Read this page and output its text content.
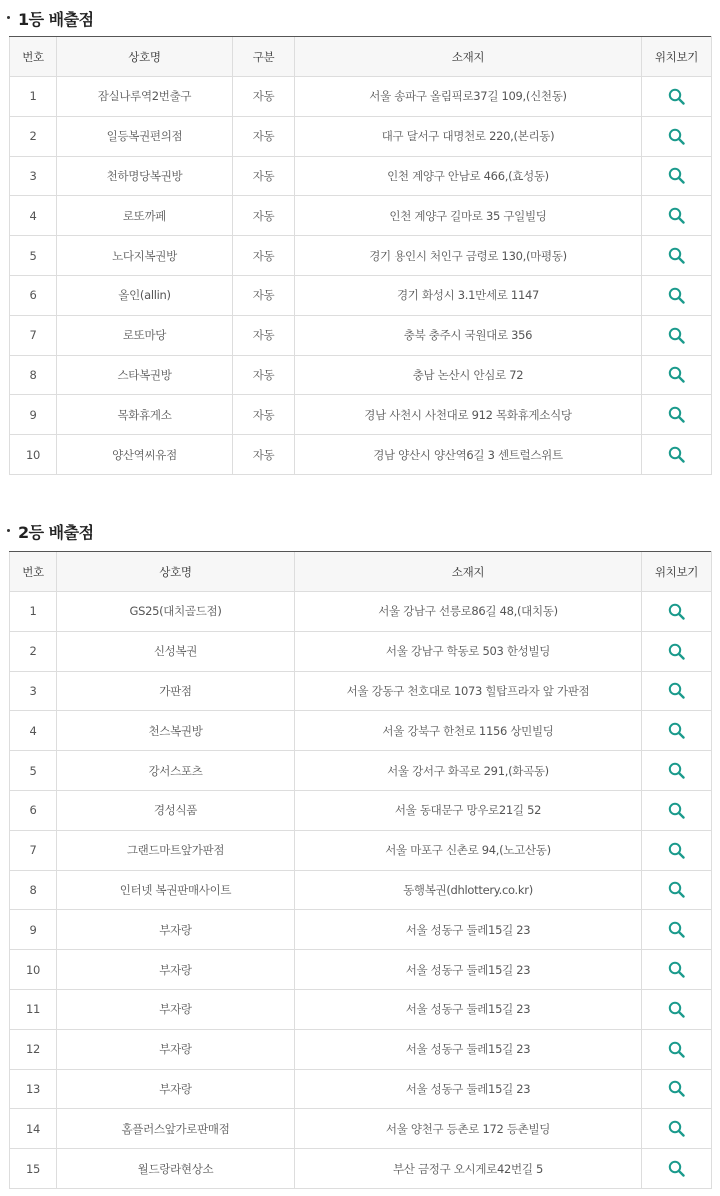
1등 배출점
번호	상호명	구분	소재지	위치보기
1	잠실나루역2번출구	자동	서울 송파구 올림픽로37길 109,(신천동)	

2	일등복권편의점	자동	대구 달서구 대명천로 220,(본리동)	

3	천하명당복권방	자동	인천 계양구 안남로 466,(효성동)	

4	로또까페	자동	인천 계양구 길마로 35 구일빌딩	

5	노다지복권방	자동	경기 용인시 처인구 금령로 130,(마평동)	

6	올인(allin)	자동	경기 화성시 3.1만세로 1147	

7	로또마당	자동	충북 충주시 국원대로 356	

8	스타복권방	자동	충남 논산시 안심로 72	

9	목화휴게소	자동	경남 사천시 사천대로 912 목화휴게소식당	

10	양산역씨유점	자동	경남 양산시 양산역6길 3 센트럴스위트	
2등 배출점
번호	상호명	소재지	위치보기
1	GS25(대치골드점)	서울 강남구 선릉로86길 48,(대치동)	

2	신성복권	서울 강남구 학동로 503 한성빌딩	

3	가판점	서울 강동구 천호대로 1073 힐탑프라자 앞 가판점	

4	천스복권방	서울 강북구 한천로 1156 상민빌딩	

5	강서스포츠	서울 강서구 화곡로 291,(화곡동)	

6	경성식품	서울 동대문구 망우로21길 52	

7	그랜드마트앞가판점	서울 마포구 신촌로 94,(노고산동)	

8	인터넷 복권판매사이트	동행복권(dhlottery.co.kr)	

9	부자랑	서울 성동구 둘레15길 23	

10	부자랑	서울 성동구 둘레15길 23	

11	부자랑	서울 성동구 둘레15길 23	

12	부자랑	서울 성동구 둘레15길 23	

13	부자랑	서울 성동구 둘레15길 23	

14	홈플러스앞가로판매점	서울 양천구 등촌로 172 등촌빌딩	

15	월드랑라현상소	부산 금정구 오시게로42번길 5	
